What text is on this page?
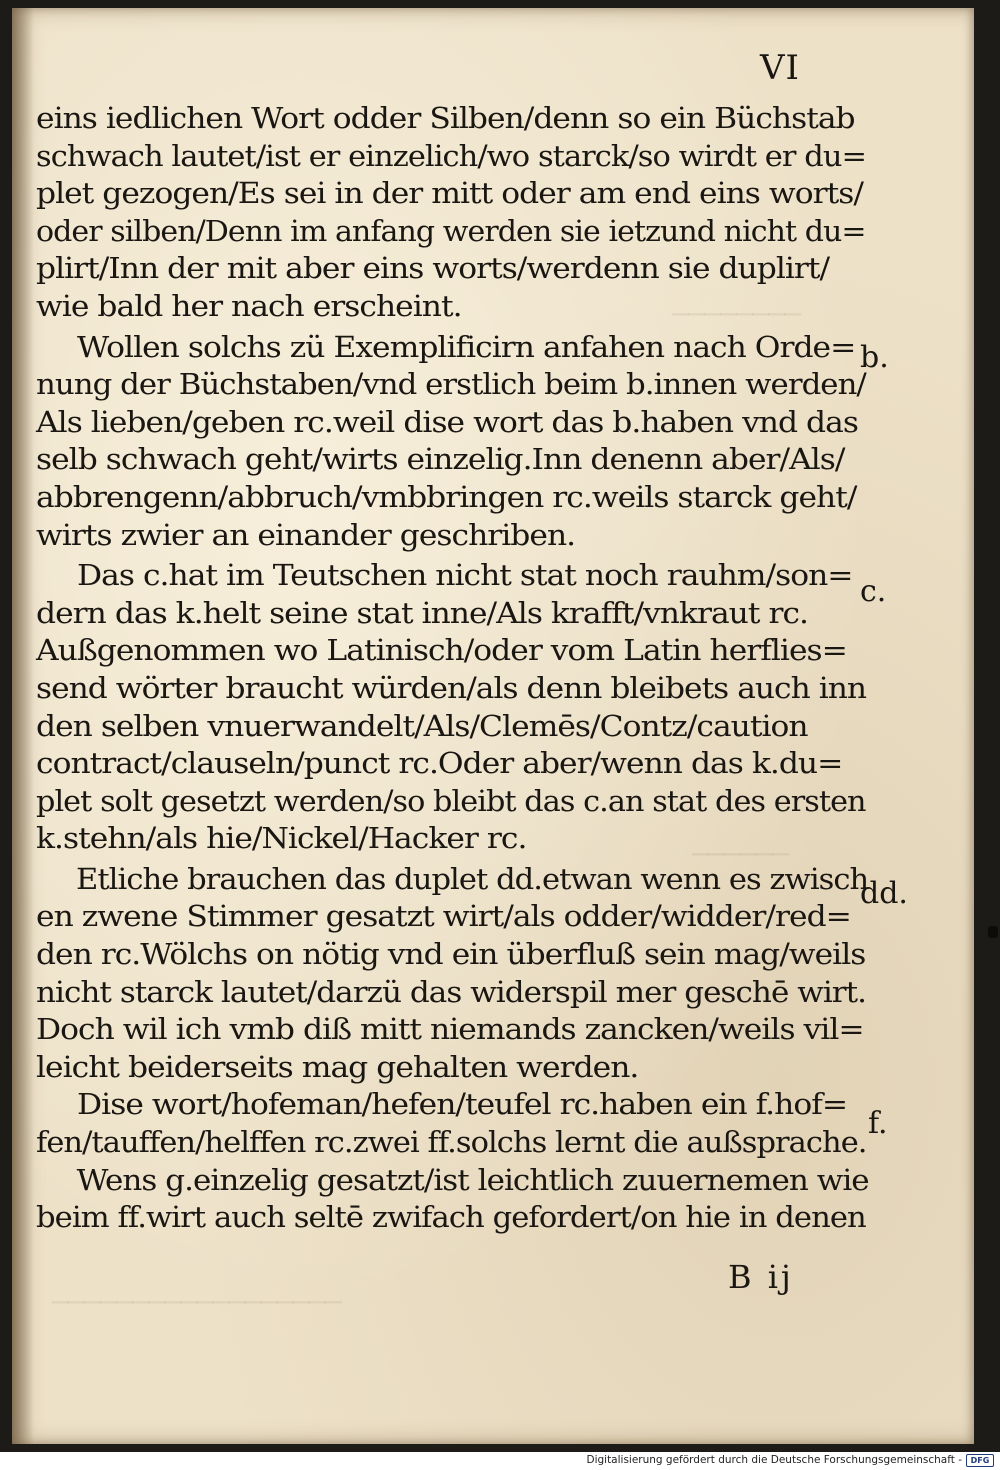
────────
──────
──────────────────
VI
eins iedlichen Wort odder Silben/denn so ein Büchstab
schwach lautet/ist er einzelich/wo starck/so wirdt er du=
plet gezogen/Es sei in der mitt oder am end eins worts/
oder silben/Denn im anfang werden sie ietzund nicht du=
plirt/Inn der mit aber eins worts/werdenn sie duplirt/
wie bald her nach erscheint.
Wollen solchs zü Exemplificirn anfahen nach Orde=
nung der Büchstaben/vnd erstlich beim b.innen werden/
Als lieben/geben rc.weil dise wort das b.haben vnd das
selb schwach geht/wirts einzelig.Inn denenn aber/Als/
abbrengenn/abbruch/vmbbringen rc.weils starck geht/
wirts zwier an einander geschriben.
Das c.hat im Teutschen nicht stat noch rauhm/son=
dern das k.helt seine stat inne/Als krafft/vnkraut rc.
Außgenommen wo Latinisch/oder vom Latin herflies=
send wörter braucht würden/als denn bleibets auch inn
den selben vnuerwandelt/Als/Clemēs/Contz/caution
contract/clauseln/punct rc.Oder aber/wenn das k.du=
plet solt gesetzt werden/so bleibt das c.an stat des ersten
k.stehn/als hie/Nickel/Hacker rc.
Etliche brauchen das duplet dd.etwan wenn es zwisch
en zwene Stimmer gesatzt wirt/als odder/widder/red=
den rc.Wölchs on nötig vnd ein überfluß sein mag/weils
nicht starck lautet/darzü das widerspil mer geschē wirt.
Doch wil ich vmb diß mitt niemands zancken/weils vil=
leicht beiderseits mag gehalten werden.
Dise wort/hofeman/hefen/teufel rc.haben ein f.hof=
fen/tauffen/helffen rc.zwei ff.solchs lernt die außsprache.
Wens g.einzelig gesatzt/ist leichtlich zuuernemen wie
beim ff.wirt auch seltē zwifach gefordert/on hie in denen
b.
c.
dd.
f.
B ij
Digitalisierung gefördert durch die Deutsche Forschungsgemeinschaft -	DFG
